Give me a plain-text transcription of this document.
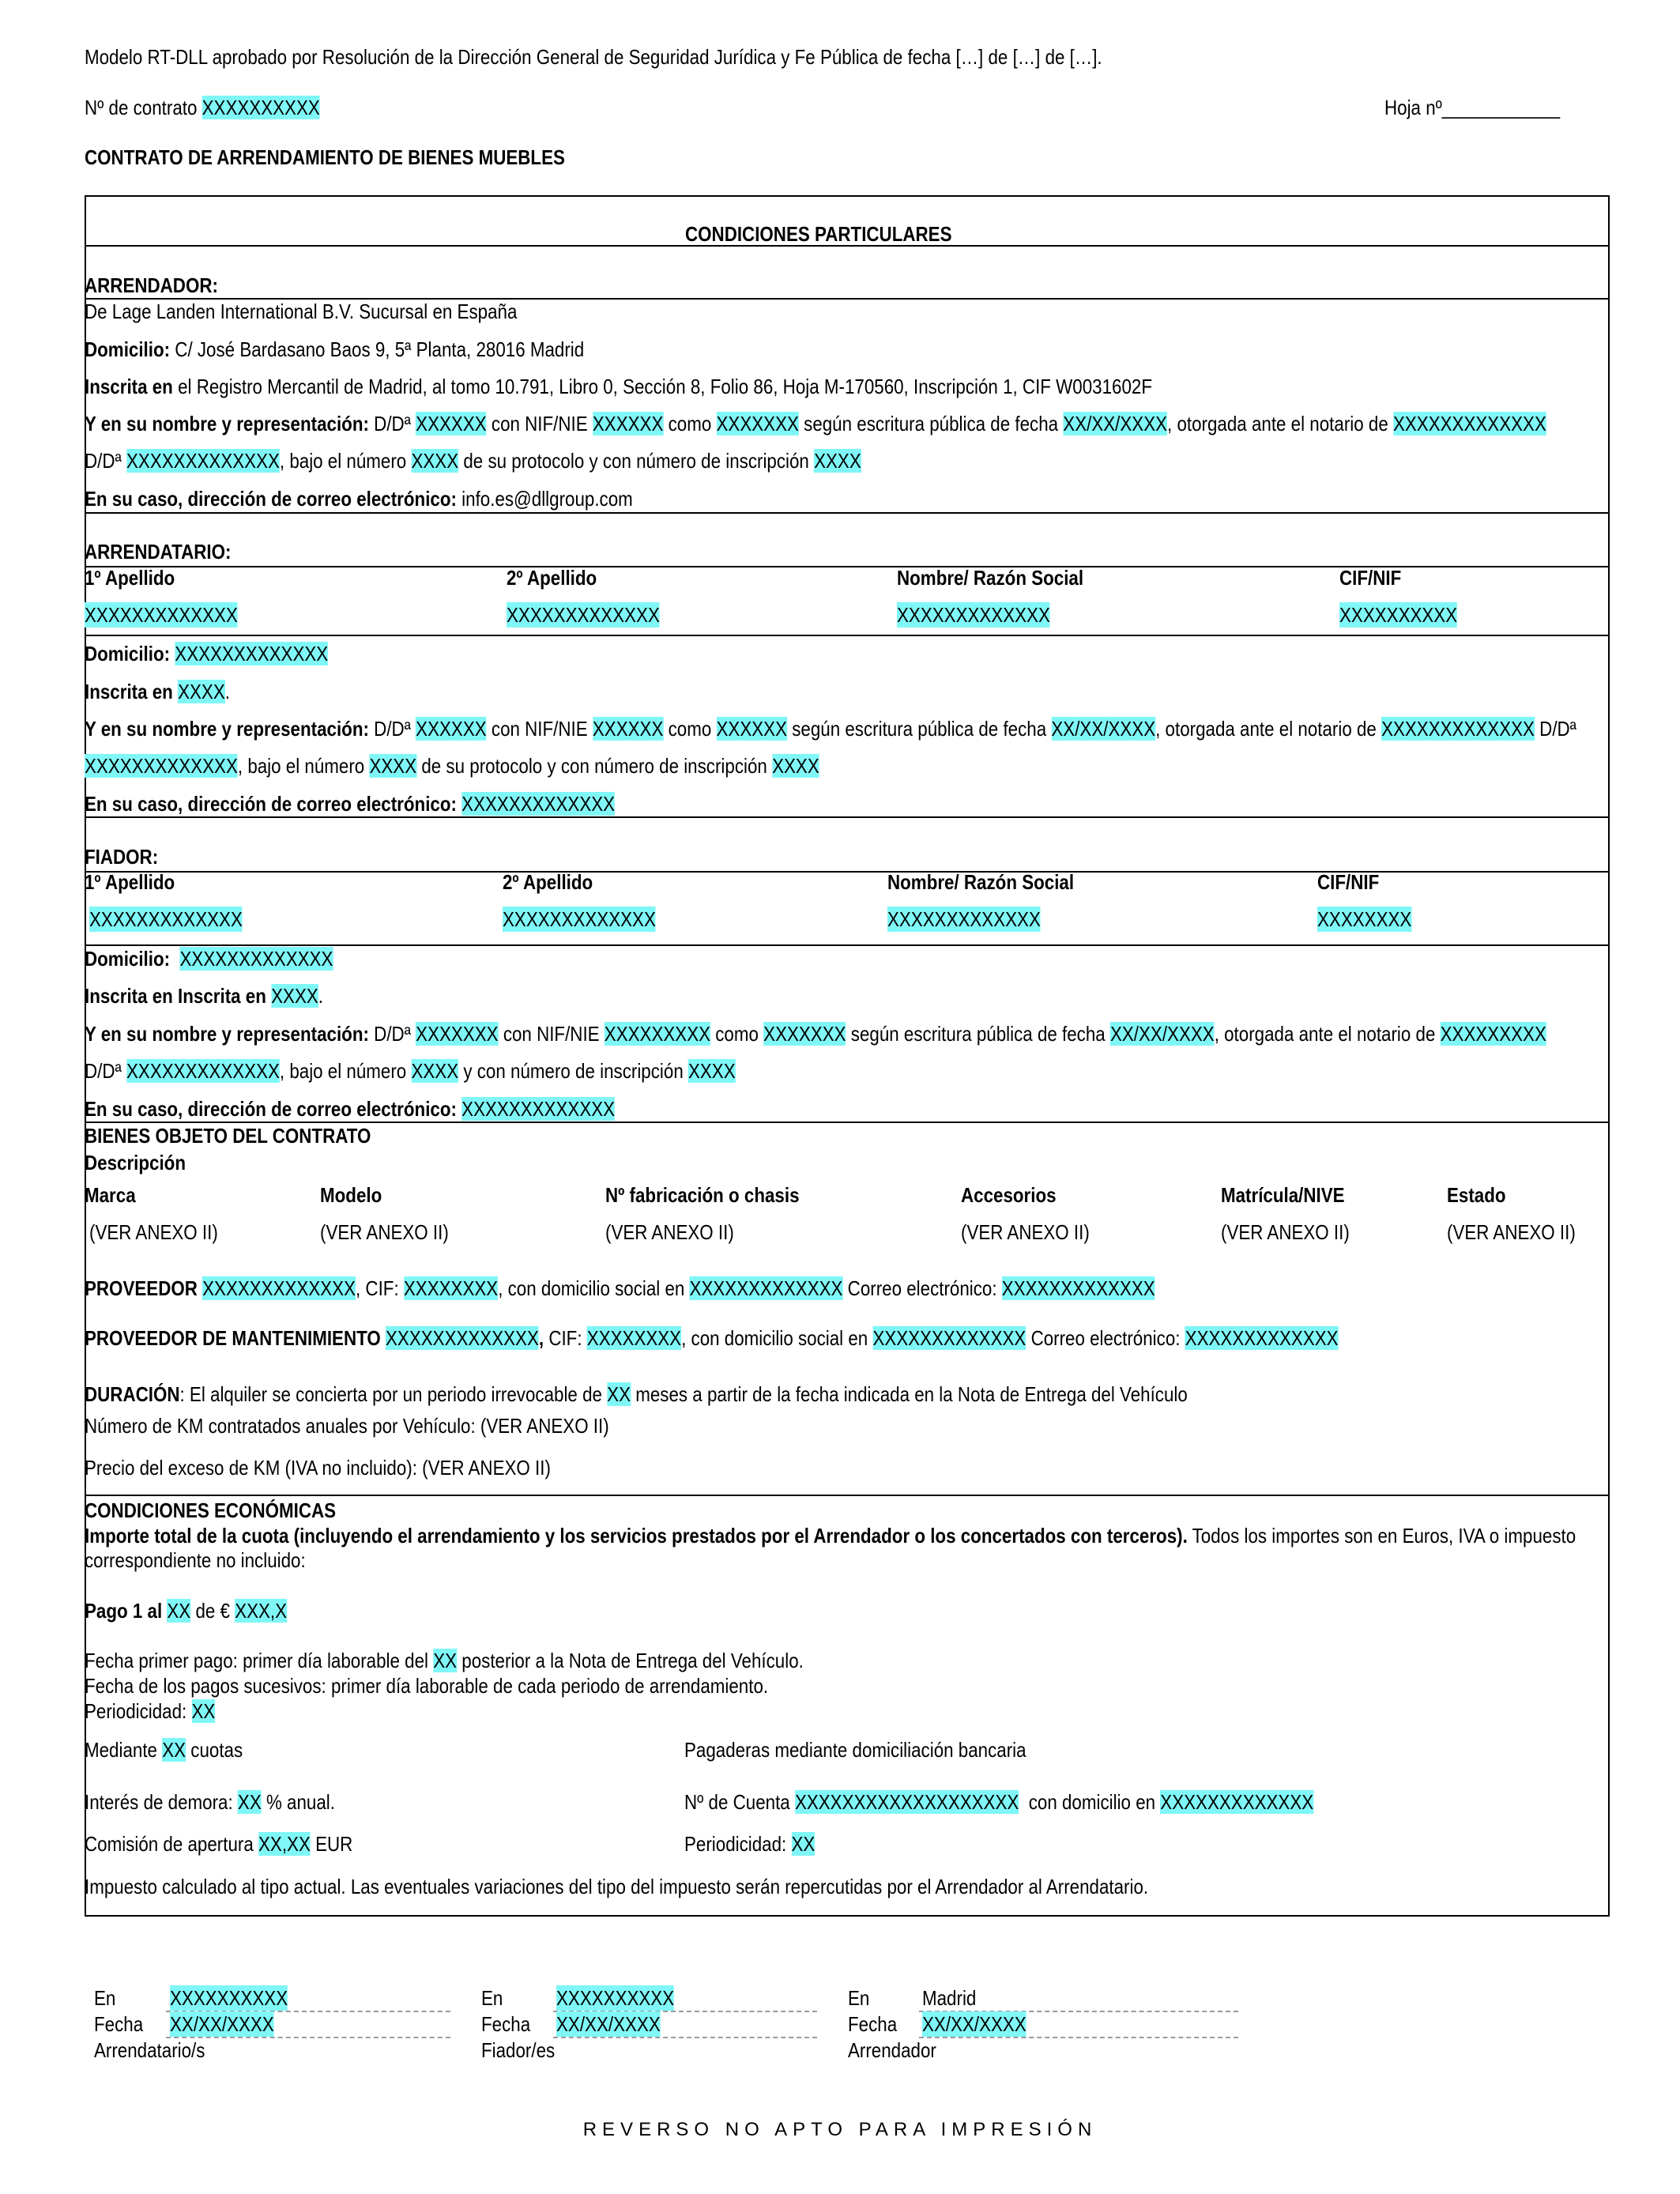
Modelo RT-DLL aprobado por Resolución de la Dirección General de Seguridad Jurídica y Fe Pública de fecha […] de […] de […].
Nº de contrato XXXXXXXXXX	Hoja nº____________
CONTRATO DE ARRENDAMIENTO DE BIENES MUEBLES
CONDICIONES PARTICULARES
ARRENDADOR:
De Lage Landen International B.V. Sucursal en España
Domicilio: C/ José Bardasano Baos 9, 5ª Planta, 28016 Madrid
Inscrita en el Registro Mercantil de Madrid, al tomo 10.791, Libro 0, Sección 8, Folio 86, Hoja M-170560, Inscripción 1, CIF W0031602F
Y en su nombre y representación: D/Dª XXXXXX con NIF/NIE XXXXXX como XXXXXXX según escritura pública de fecha XX/XX/XXXX, otorgada ante el notario de XXXXXXXXXXXXX
D/Dª XXXXXXXXXXXXX, bajo el número XXXX de su protocolo y con número de inscripción XXXX
En su caso, dirección de correo electrónico: info.es@dllgroup.com
ARRENDATARIO:
1º Apellido	2º Apellido	Nombre/ Razón Social	CIF/NIF
XXXXXXXXXXXXX	XXXXXXXXXXXXX	XXXXXXXXXXXXX	XXXXXXXXXX
Domicilio: XXXXXXXXXXXXX
Inscrita en XXXX.
Y en su nombre y representación: D/Dª XXXXXX con NIF/NIE XXXXXX como XXXXXX según escritura pública de fecha XX/XX/XXXX, otorgada ante el notario de XXXXXXXXXXXXX D/Dª
XXXXXXXXXXXXX, bajo el número XXXX de su protocolo y con número de inscripción XXXX
En su caso, dirección de correo electrónico: XXXXXXXXXXXXX
FIADOR:
1º Apellido	2º Apellido	Nombre/ Razón Social	CIF/NIF
XXXXXXXXXXXXX	XXXXXXXXXXXXX	XXXXXXXXXXXXX	XXXXXXXX
Domicilio: XXXXXXXXXXXXX
Inscrita en Inscrita en XXXX.
Y en su nombre y representación: D/Dª XXXXXXX con NIF/NIE XXXXXXXXX como XXXXXXX según escritura pública de fecha XX/XX/XXXX, otorgada ante el notario de XXXXXXXXX
D/Dª XXXXXXXXXXXXX, bajo el número XXXX y con número de inscripción XXXX
En su caso, dirección de correo electrónico: XXXXXXXXXXXXX
BIENES OBJETO DEL CONTRATO
Descripción
Marca	Modelo	Nº fabricación o chasis	Accesorios	Matrícula/NIVE	Estado
(VER ANEXO II)	(VER ANEXO II)	(VER ANEXO II)	(VER ANEXO II)	(VER ANEXO II)	(VER ANEXO II)
PROVEEDOR XXXXXXXXXXXXX, CIF: XXXXXXXX, con domicilio social en XXXXXXXXXXXXX Correo electrónico: XXXXXXXXXXXXX
PROVEEDOR DE MANTENIMIENTO XXXXXXXXXXXXX, CIF: XXXXXXXX, con domicilio social en XXXXXXXXXXXXX Correo electrónico: XXXXXXXXXXXXX
DURACIÓN: El alquiler se concierta por un periodo irrevocable de XX meses a partir de la fecha indicada en la Nota de Entrega del Vehículo
Número de KM contratados anuales por Vehículo: (VER ANEXO II)
Precio del exceso de KM (IVA no incluido): (VER ANEXO II)
CONDICIONES ECONÓMICAS
Importe total de la cuota (incluyendo el arrendamiento y los servicios prestados por el Arrendador o los concertados con terceros). Todos los importes son en Euros, IVA o impuesto
correspondiente no incluido:
Pago 1 al XX de € XXX,X
Fecha primer pago: primer día laborable del XX posterior a la Nota de Entrega del Vehículo.
Fecha de los pagos sucesivos: primer día laborable de cada periodo de arrendamiento.
Periodicidad: XX
Mediante XX cuotas	Pagaderas mediante domiciliación bancaria
Interés de demora: XX % anual.	Nº de Cuenta XXXXXXXXXXXXXXXXXXX con domicilio en XXXXXXXXXXXXX
Comisión de apertura XX,XX EUR	Periodicidad: XX
Impuesto calculado al tipo actual. Las eventuales variaciones del tipo del impuesto serán repercutidas por el Arrendador al Arrendatario.
En	XXXXXXXXXX
Fecha	XX/XX/XXXX
Arrendatario/s
En	XXXXXXXXXX
Fecha	XX/XX/XXXX
Fiador/es
En	Madrid
Fecha	XX/XX/XXXX
Arrendador
REVERSO NO APTO PARA IMPRESIÓN
